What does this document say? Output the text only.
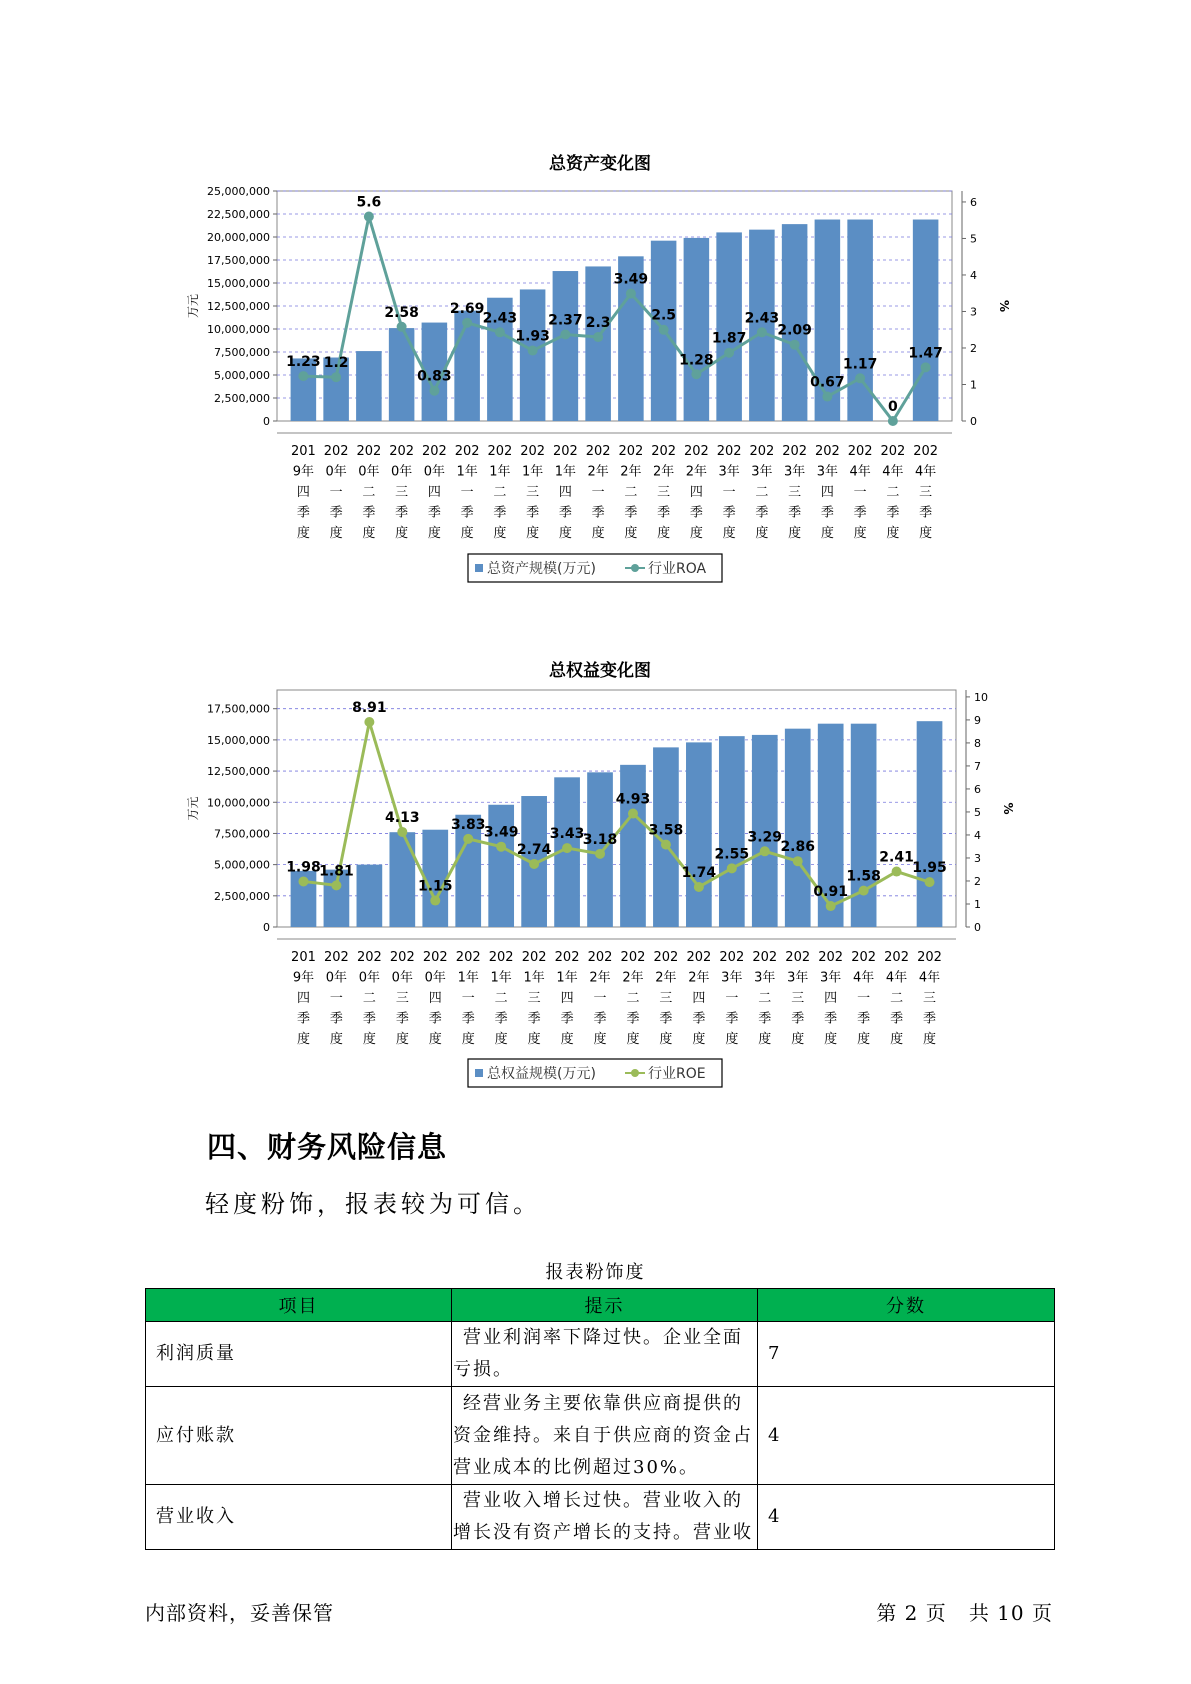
总资产变化图
0
2,500,000
5,000,000
7,500,000
10,000,000
12,500,000
15,000,000
17,500,000
20,000,000
22,500,000
25,000,000
0
1
2
3
4
5
6
万元	%
201
9年
四
季
度
202
0年
一
季
度
202
0年
二
季
度
202
0年
三
季
度
202
0年
四
季
度
202
1年
一
季
度
202
1年
二
季
度
202
1年
三
季
度
202
1年
四
季
度
202
2年
一
季
度
202
2年
二
季
度
202
2年
三
季
度
202
2年
四
季
度
202
3年
一
季
度
202
3年
二
季
度
202
3年
三
季
度
202
3年
四
季
度
202
4年
一
季
度
202
4年
二
季
度
202
4年
三
季
度
1.23 1.2
5.6
2.58
0.83
2.69
2.43
1.93
2.37 2.3
3.49
2.5
1.28
1.87
2.43
2.09
0.67
1.17
0
1.47
总资产规模(万元)	行业ROA
总权益变化图
0
2,500,000
5,000,000
7,500,000
10,000,000
12,500,000
15,000,000
17,500,000
0
1
2
3
4
5
6
7
8
9
10
万元	%
201
9年
四
季
度
202
0年
一
季
度
202
0年
二
季
度
202
0年
三
季
度
202
0年
四
季
度
202
1年
一
季
度
202
1年
二
季
度
202
1年
三
季
度
202
1年
四
季
度
202
2年
一
季
度
202
2年
二
季
度
202
2年
三
季
度
202
2年
四
季
度
202
3年
一
季
度
202
3年
二
季
度
202
3年
三
季
度
202
3年
四
季
度
202
4年
一
季
度
202
4年
二
季
度
202
4年
三
季
度
1.98
1.81
8.91
4.13
1.15
3.83
3.49
2.74
3.43
3.18
4.93
3.58
1.74
2.55
3.29
2.86
0.91
1.58
2.41
1.95
总权益规模(万元)	行业ROE
四、财务风险信息
轻度粉饰，报表较为可信。
报表粉饰度
项目	提示	分数
利润质量	营业利润率下降过快。企业全面
亏损。	7
应付账款	经营业务主要依靠供应商提供的
资金维持。来自于供应商的资金占
营业成本的比例超过30%。	4
营业收入	营业收入增长过快。营业收入的
增长没有资产增长的支持。营业收	4
内部资料，妥善保管	第 2 页   共 10 页
